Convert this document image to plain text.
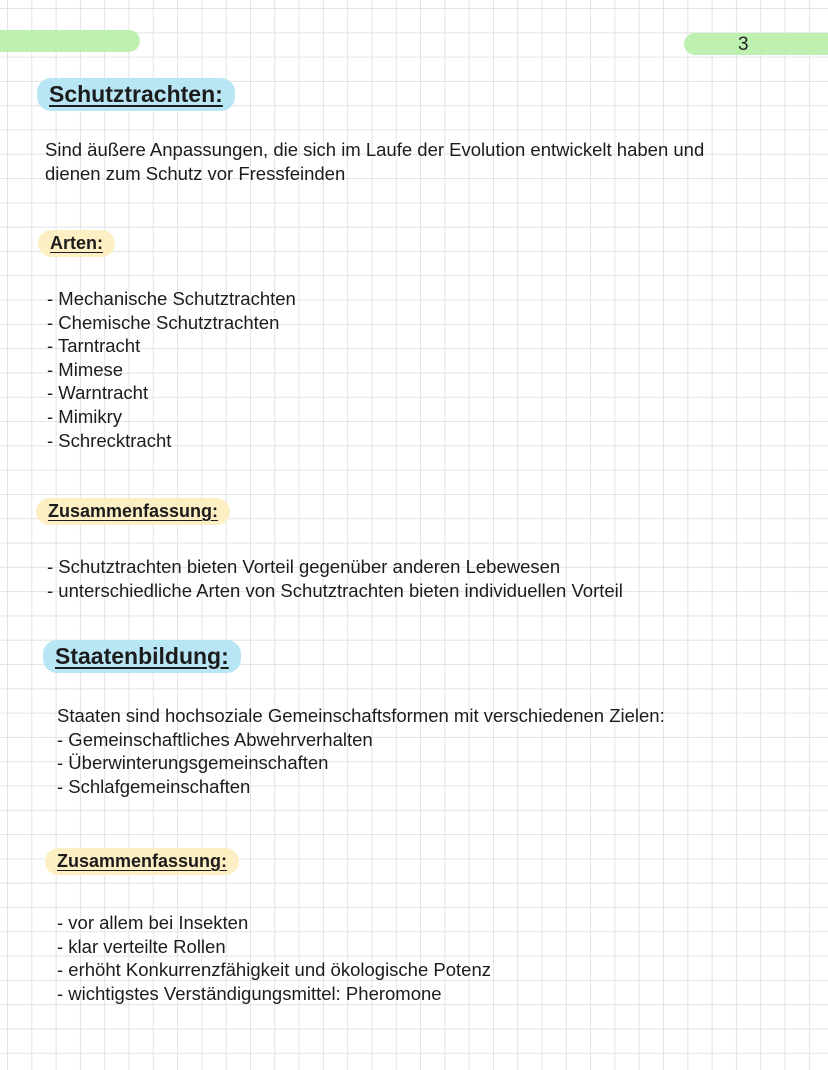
3
Schutztrachten:
Sind äußere Anpassungen, die sich im Laufe der Evolution entwickelt haben und
dienen zum Schutz vor Fressfeinden
Arten:
- Mechanische Schutztrachten
- Chemische Schutztrachten
- Tarntracht
- Mimese
- Warntracht
- Mimikry
- Schrecktracht
Zusammenfassung:
- Schutztrachten bieten Vorteil gegenüber anderen Lebewesen
- unterschiedliche Arten von Schutztrachten bieten individuellen Vorteil
Staatenbildung:
Staaten sind hochsoziale Gemeinschaftsformen mit verschiedenen Zielen:
- Gemeinschaftliches Abwehrverhalten
- Überwinterungsgemeinschaften
- Schlafgemeinschaften
Zusammenfassung:
- vor allem bei Insekten
- klar verteilte Rollen
- erhöht Konkurrenzfähigkeit und ökologische Potenz
- wichtigstes Verständigungsmittel: Pheromone
